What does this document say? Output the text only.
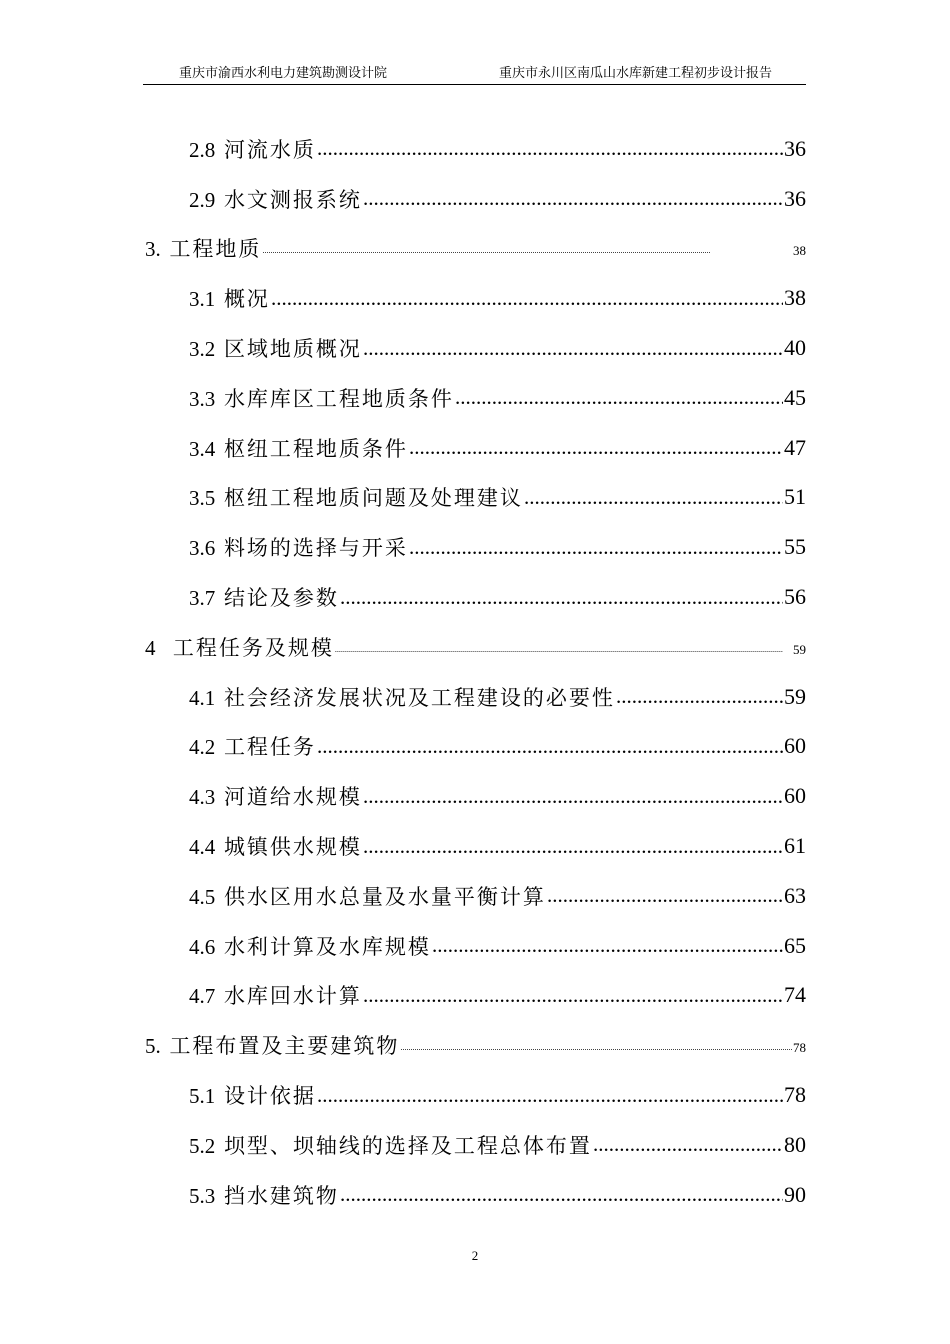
重庆市渝西水利电力建筑勘测设计院	重庆市永川区南瓜山水库新建工程初步设计报告
2.8 河流水质 .....	36
2.9 水文测报系统 .....	36
3. 工程地质 .....	38
3.1 概况 .....	38
3.2 区域地质概况 .....	40
3.3 水库库区工程地质条件 .....	45
3.4 枢纽工程地质条件 .....	47
3.5 枢纽工程地质问题及处理建议 .....	51
3.6 料场的选择与开采 .....	55
3.7 结论及参数 .....	56
4 工程任务及规模 .....	59
4.1 社会经济发展状况及工程建设的必要性 .....	59
4.2 工程任务 .....	60
4.3 河道给水规模 .....	60
4.4 城镇供水规模 .....	61
4.5 供水区用水总量及水量平衡计算 .....	63
4.6 水利计算及水库规模 .....	65
4.7 水库回水计算 .....	74
5. 工程布置及主要建筑物 .....	78
5.1 设计依据 .....	78
5.2 坝型、坝轴线的选择及工程总体布置 .....	80
5.3 挡水建筑物 .....	90
2
